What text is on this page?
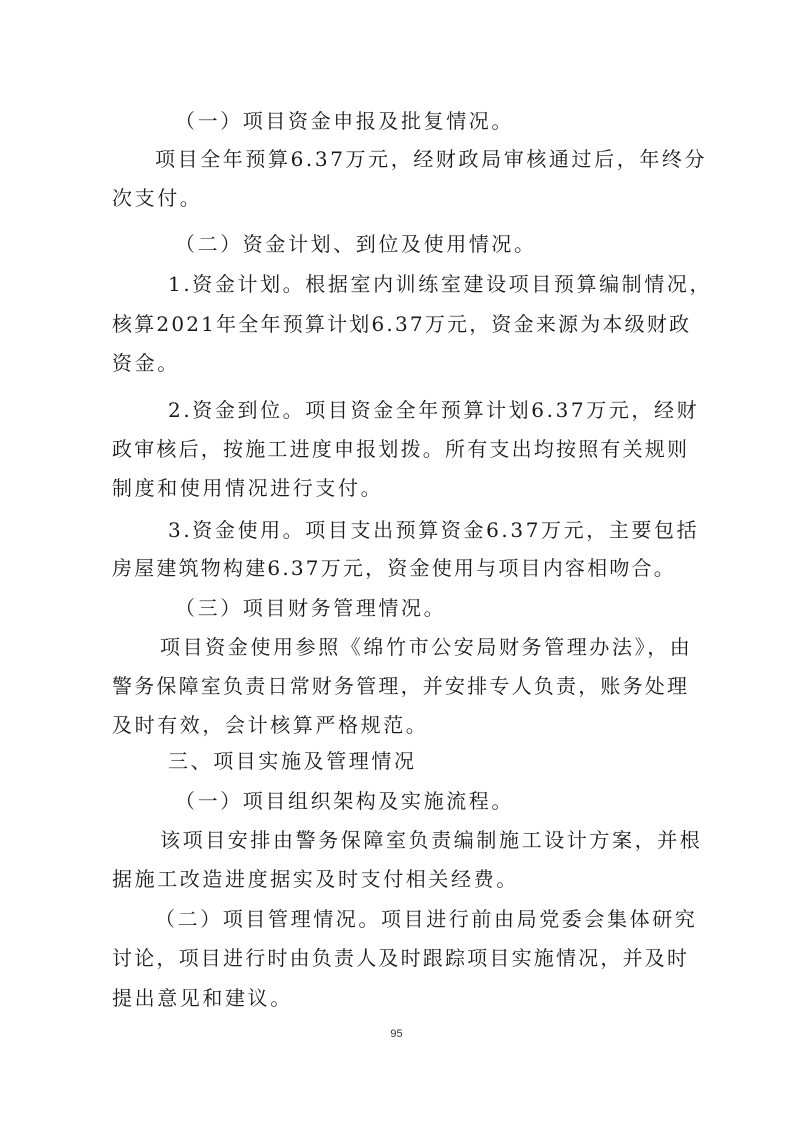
（一）项目资金申报及批复情况。
项目全年预算6.37万元，经财政局审核通过后，年终分
次支付。
（二）资金计划、到位及使用情况。
1.资金计划。根据室内训练室建设项目预算编制情况，
核算2021年全年预算计划6.37万元，资金来源为本级财政
资金。
2.资金到位。项目资金全年预算计划6.37万元，经财
政审核后，按施工进度申报划拨。所有支出均按照有关规则
制度和使用情况进行支付。
3.资金使用。项目支出预算资金6.37万元，主要包括
房屋建筑物构建6.37万元，资金使用与项目内容相吻合。
（三）项目财务管理情况。
项目资金使用参照《绵竹市公安局财务管理办法》，由
警务保障室负责日常财务管理，并安排专人负责，账务处理
及时有效，会计核算严格规范。
三、项目实施及管理情况
（一）项目组织架构及实施流程。
该项目安排由警务保障室负责编制施工设计方案，并根
据施工改造进度据实及时支付相关经费。
（二）项目管理情况。项目进行前由局党委会集体研究
讨论，项目进行时由负责人及时跟踪项目实施情况，并及时
提出意见和建议。
95
